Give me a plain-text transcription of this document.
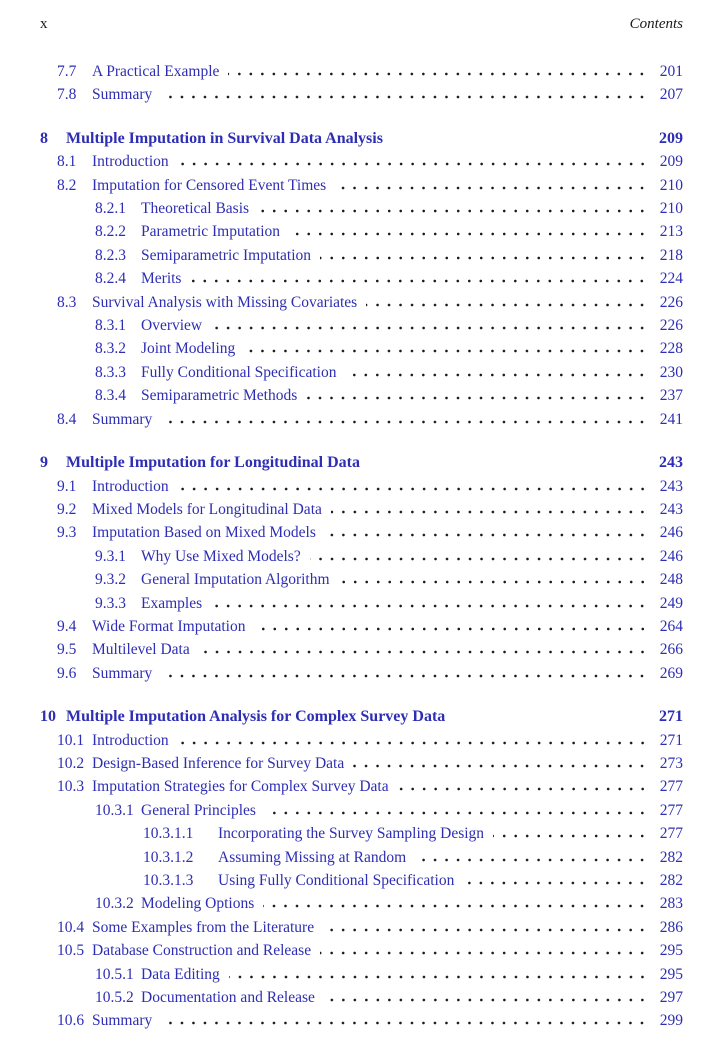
x	Contents
7.7	A Practical Example	201
7.8	Summary	207
8	Multiple Imputation in Survival Data Analysis	209
8.1	Introduction	209
8.2	Imputation for Censored Event Times	210
8.2.1 Theoretical Basis	210
8.2.2 Parametric Imputation	213
8.2.3 Semiparametric Imputation	218
8.2.4 Merits	224
8.3	Survival Analysis with Missing Covariates	226
8.3.1 Overview	226
8.3.2 Joint Modeling	228
8.3.3 Fully Conditional Specification	230
8.3.4 Semiparametric Methods	237
8.4	Summary	241
9	Multiple Imputation for Longitudinal Data	243
9.1	Introduction	243
9.2	Mixed Models for Longitudinal Data	243
9.3	Imputation Based on Mixed Models	246
9.3.1 Why Use Mixed Models?	246
9.3.2 General Imputation Algorithm	248
9.3.3 Examples	249
9.4	Wide Format Imputation	264
9.5	Multilevel Data	266
9.6	Summary	269
10 Multiple Imputation Analysis for Complex Survey Data	271
10.1 Introduction	271
10.2 Design-Based Inference for Survey Data	273
10.3 Imputation Strategies for Complex Survey Data	277
10.3.1 General Principles	277
10.3.1.1	Incorporating the Survey Sampling Design	277
10.3.1.2	Assuming Missing at Random	282
10.3.1.3	Using Fully Conditional Specification	282
10.3.2 Modeling Options	283
10.4 Some Examples from the Literature	286
10.5 Database Construction and Release	295
10.5.1 Data Editing	295
10.5.2 Documentation and Release	297
10.6 Summary	299
